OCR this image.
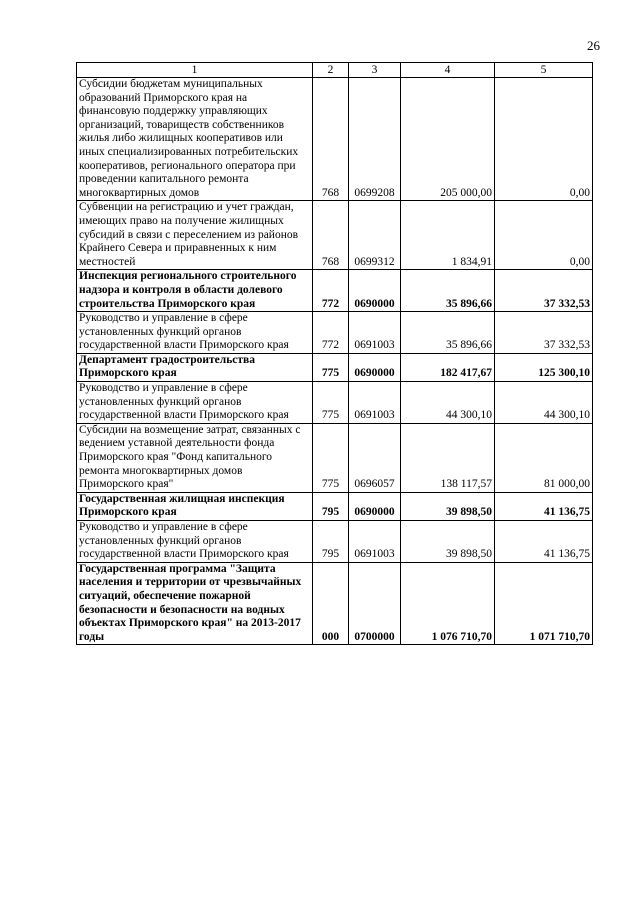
26
1	2	3	4	5
Субсидии бюджетам муниципальных образований Приморского края на финансовую поддержку управляющих организаций, товариществ собственников жилья либо жилищных кооперативов или иных специализированных потребительских кооперативов, регионального оператора при проведении капитального ремонта многоквартирных домов	768	0699208	205 000,00	0,00
Субвенции на регистрацию и учет граждан, имеющих право на получение жилищных субсидий в связи с переселением из районов Крайнего Севера и приравненных к ним местностей	768	0699312	1 834,91	0,00
Инспекция регионального строительного надзора и контроля в области долевого строительства Приморского края	772	0690000	35 896,66	37 332,53
Руководство и управление в сфере установленных функций органов государственной власти Приморского края	772	0691003	35 896,66	37 332,53
Департамент градостроительства Приморского края	775	0690000	182 417,67	125 300,10
Руководство и управление в сфере установленных функций органов государственной власти Приморского края	775	0691003	44 300,10	44 300,10
Субсидии на возмещение затрат, связанных с ведением уставной деятельности фонда Приморского края "Фонд капитального ремонта многоквартирных домов Приморского края"	775	0696057	138 117,57	81 000,00
Государственная жилищная инспекция Приморского края	795	0690000	39 898,50	41 136,75
Руководство и управление в сфере установленных функций органов государственной власти Приморского края	795	0691003	39 898,50	41 136,75
Государственная программа "Защита населения и территории от чрезвычайных ситуаций, обеспечение пожарной безопасности и безопасности на водных объектах Приморского края" на 2013-2017 годы	000	0700000	1 076 710,70	1 071 710,70
